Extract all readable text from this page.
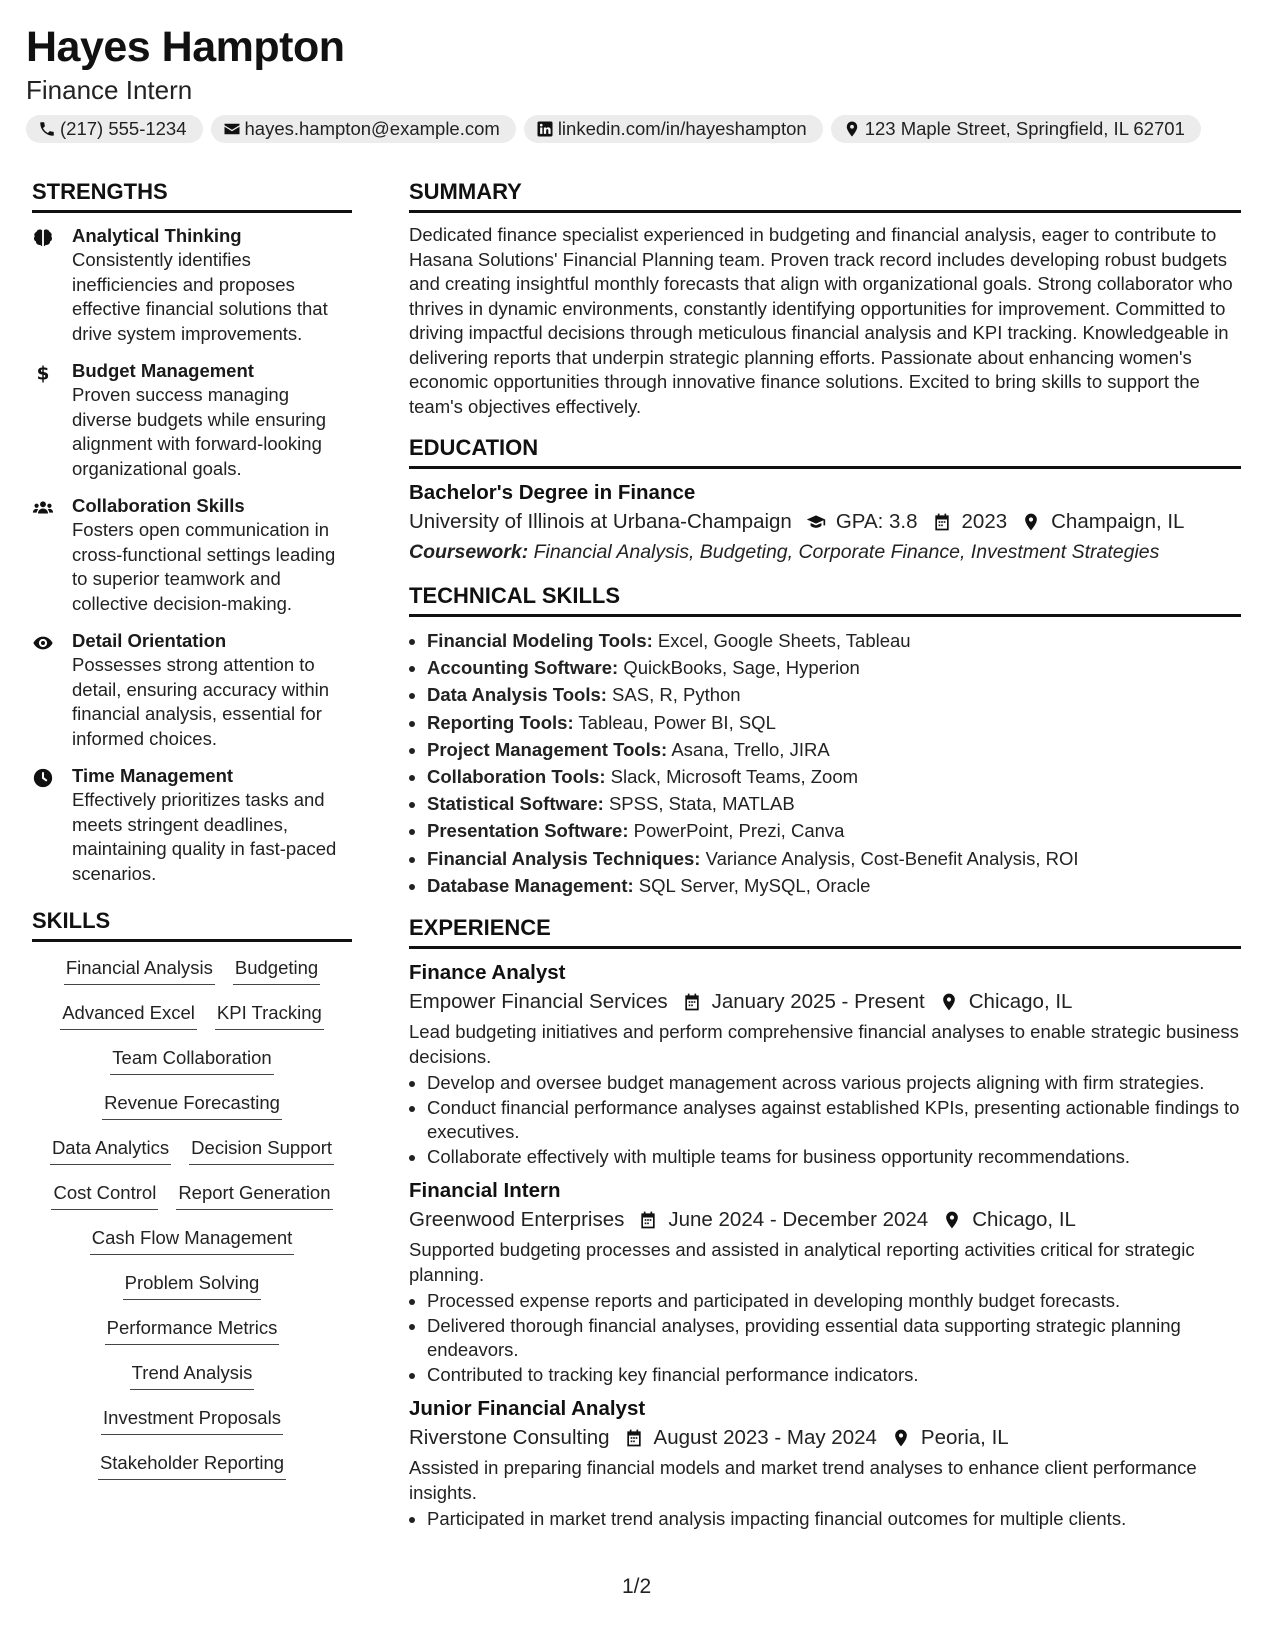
Hayes Hampton
Finance Intern
(217) 555-1234	hayes.hampton@example.com	linkedin.com/in/hayeshampton	123 Maple Street, Springfield, IL 62701
STRENGTHS
Analytical Thinking
Consistently identifies inefficiencies and proposes effective financial solutions that drive system improvements.
$ Budget Management
Proven success managing diverse budgets while ensuring alignment with forward-looking organizational goals.
Collaboration Skills
Fosters open communication in cross-functional settings leading to superior teamwork and collective decision-making.
Detail Orientation
Possesses strong attention to detail, ensuring accuracy within financial analysis, essential for informed choices.
Time Management
Effectively prioritizes tasks and meets stringent deadlines, maintaining quality in fast-paced scenarios.
SKILLS
Financial Analysis Budgeting
Advanced Excel KPI Tracking
Team Collaboration
Revenue Forecasting
Data Analytics Decision Support
Cost Control Report Generation
Cash Flow Management
Problem Solving
Performance Metrics
Trend Analysis
Investment Proposals
Stakeholder Reporting
SUMMARY
Dedicated finance specialist experienced in budgeting and financial analysis, eager to contribute to Hasana Solutions' Financial Planning team. Proven track record includes developing robust budgets and creating insightful monthly forecasts that align with organizational goals. Strong collaborator who thrives in dynamic environments, constantly identifying opportunities for improvement. Committed to driving impactful decisions through meticulous financial analysis and KPI tracking. Knowledgeable in delivering reports that underpin strategic planning efforts. Passionate about enhancing women's economic opportunities through innovative finance solutions. Excited to bring skills to support the team's objectives effectively.
EDUCATION
Bachelor's Degree in Finance
University of Illinois at Urbana-Champaign GPA: 3.8 2023 Champaign, IL
Coursework: Financial Analysis, Budgeting, Corporate Finance, Investment Strategies
TECHNICAL SKILLS
• Financial Modeling Tools: Excel, Google Sheets, Tableau
• Accounting Software: QuickBooks, Sage, Hyperion
• Data Analysis Tools: SAS, R, Python
• Reporting Tools: Tableau, Power BI, SQL
• Project Management Tools: Asana, Trello, JIRA
• Collaboration Tools: Slack, Microsoft Teams, Zoom
• Statistical Software: SPSS, Stata, MATLAB
• Presentation Software: PowerPoint, Prezi, Canva
• Financial Analysis Techniques: Variance Analysis, Cost-Benefit Analysis, ROI
• Database Management: SQL Server, MySQL, Oracle
EXPERIENCE
Finance Analyst
Empower Financial Services January 2025 - Present Chicago, IL
Lead budgeting initiatives and perform comprehensive financial analyses to enable strategic business decisions.
• Develop and oversee budget management across various projects aligning with firm strategies.
• Conduct financial performance analyses against established KPIs, presenting actionable findings to executives.
• Collaborate effectively with multiple teams for business opportunity recommendations.
Financial Intern
Greenwood Enterprises June 2024 - December 2024 Chicago, IL
Supported budgeting processes and assisted in analytical reporting activities critical for strategic planning.
• Processed expense reports and participated in developing monthly budget forecasts.
• Delivered thorough financial analyses, providing essential data supporting strategic planning endeavors.
• Contributed to tracking key financial performance indicators.
Junior Financial Analyst
Riverstone Consulting August 2023 - May 2024 Peoria, IL
Assisted in preparing financial models and market trend analyses to enhance client performance insights.
• Participated in market trend analysis impacting financial outcomes for multiple clients.
1/2
